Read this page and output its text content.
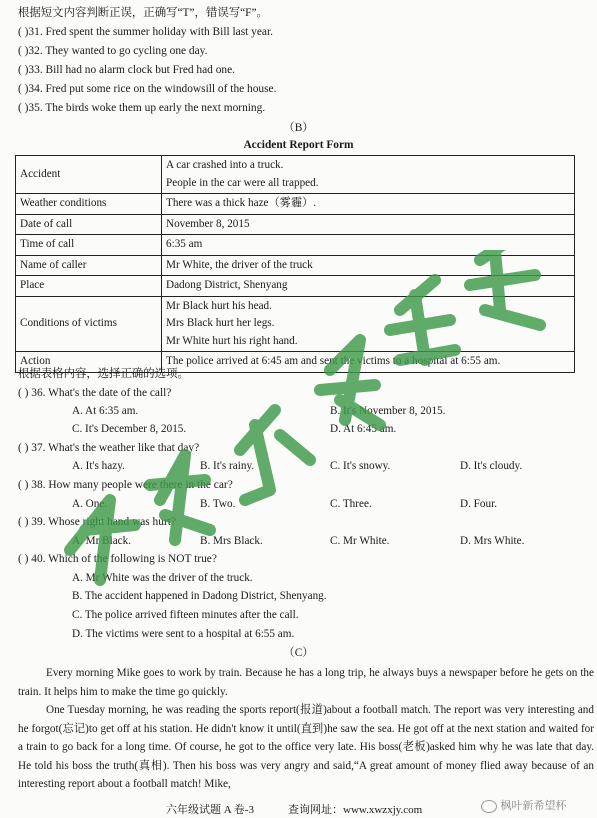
根据短文内容判断正误，正确写“T”，错误写“F”。
( )31. Fred spent the summer holiday with Bill last year.
( )32. They wanted to go cycling one day.
( )33. Bill had no alarm clock but Fred had one.
( )34. Fred put some rice on the windowsill of the house.
( )35. The birds woke them up early the next morning.
（B）
Accident Report Form
Accident	A car crashed into a truck.
People in the car were all trapped.

Weather conditions	There was a thick haze（雾霾）.
Date of call	November 8, 2015
Time of call	6:35 am
Name of caller	Mr White, the driver of the truck
Place	Dadong District, Shenyang
Conditions of victims	Mr Black hurt his head.
Mrs Black hurt her legs.
Mr White hurt his right hand.

Action	The police arrived at 6:45 am and sent the victims to a hospital at 6:55 am.
根据表格内容，选择正确的选项。
( ) 36. What's the date of the call?
A. At 6:35 am.	B. It's November 8, 2015.
C. It's December 8, 2015.	D. At 6:45 am.
( ) 37. What's the weather like that day?
A. It's hazy.	B. It's rainy.	C. It's snowy.	D. It's cloudy.
( ) 38. How many people were there in the car?
A. One.	B. Two.	C. Three.	D. Four.
( ) 39. Whose right hand was hurt?
A. Mr Black.	B. Mrs Black.	C. Mr White.	D. Mrs White.
( ) 40. Which of the following is NOT true?
A. Mr White was the driver of the truck.
B. The accident happened in Dadong District, Shenyang.
C. The police arrived fifteen minutes after the call.
D. The victims were sent to a hospital at 6:55 am.
（C）
Every morning Mike goes to work by train. Because he has a long trip, he always buys a newspaper before he gets on the train. It helps him to make the time go quickly.
One Tuesday morning, he was reading the sports report(报道)about a football match. The report was very interesting and he forgot(忘记)to get off at his station. He didn't know it until(直到)he saw the sea. He got off at the next station and waited for a train to go back for a long time. Of course, he got to the office very late. His boss(老板)asked him why he was late that day. He told his boss the truth(真相). Then his boss was very angry and said,“A great amount of money flied away because of an interesting report about a football match! Mike,
六年级试题 A 卷-3	查询网址：www.xwzxjy.com	枫叶新希望杯
